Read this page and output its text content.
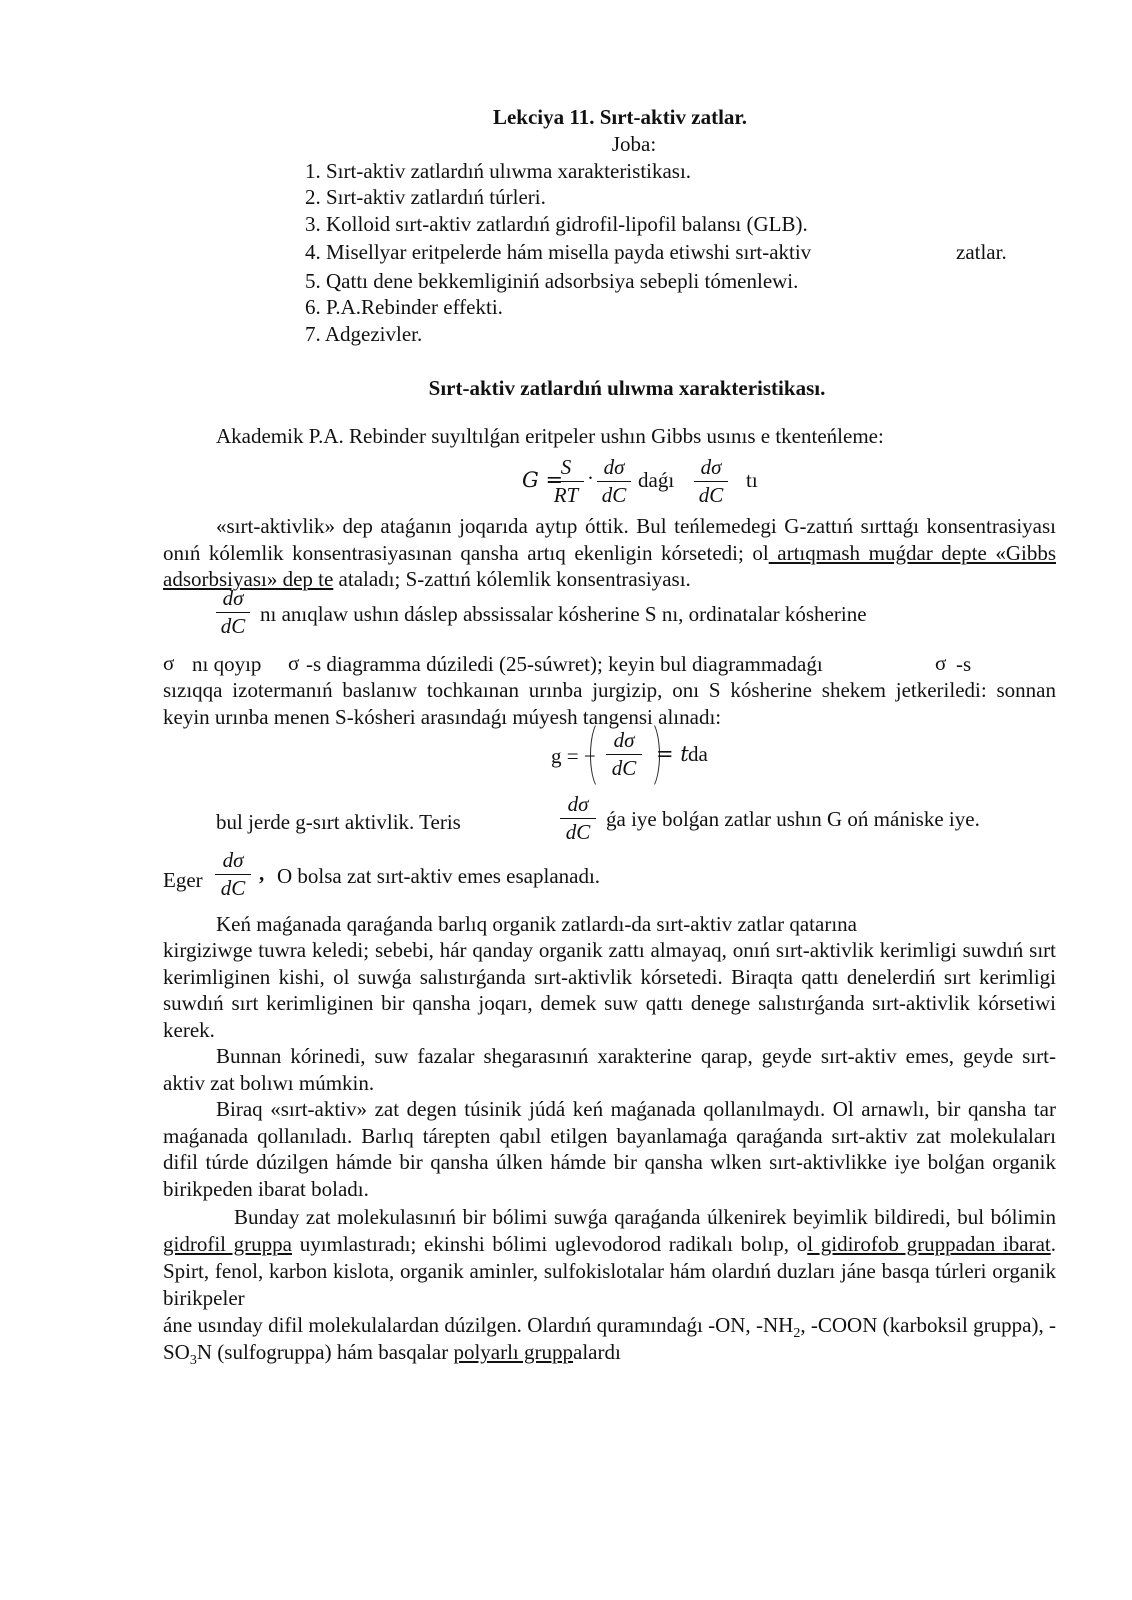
Lekciya 11. Sırt-aktiv zatlar.
Joba:
1. Sırt-aktiv zatlardıń ulıwma xarakteristikası.
2. Sırt-aktiv zatlardıń túrleri.
3. Kolloid sırt-aktiv zatlardıń gidrofil-lipofil balansı (GLB).
4. Misellyar eritpelerde hám misella payda etiwshi sırt-aktiv	zatlar.
5. Qattı dene bekkemliginiń adsorbsiya sebepli tómenlewi.
6. P.A.Rebinder effekti.
7. Adgezivler.
Sırt-aktiv zatlardıń ulıwma xarakteristikası.
Akademik P.A. Rebinder suyıltılǵan eritpeler ushın Gibbs usınıs e tkenteńleme:
G =
$\frac{S}{RT} \cdot \frac{d\sigma}{dC}$ daǵı $\frac{d\sigma}{dC}$ tı
«sırt-aktivlik» dep ataǵanın joqarıda aytıp óttik. Bul teńlemedegi G-zattıń sırttaǵı konsentrasiyası onıń kólemlik konsentrasiyasınan qansha artıq ekenligin kórsetedi; ol artıqmash muǵdar depte «Gibbs adsorbsiyası» dep te ataladı; S-zattıń kólemlik konsentrasiyası.
$\frac{d\sigma}{dC}$ nı anıqlaw ushın dáslep abssissalar kósherine S nı, ordinatalar kósherine
σ nı qoyıp σ -s diagramma dúziledi (25-súwret); keyin bul diagrammadaǵı	σ -s
sızıqqa izotermanıń baslanıw tochkaınan urınba jurgizip, onı S kósherine shekem jetkeriledi: sonnan keyin urınba menen S-kósheri arasındaǵı múyesh tangensi alınadı:
g = − $\frac{d\sigma}{dC} = t$ da
bul jerde g-sırt aktivlik. Teris	$\frac{d\sigma}{dC}$ ǵa iye bolǵan zatlar ushın G oń mániske iye.
Eger $\frac{d\sigma}{dC}$ , O bolsa zat sırt-aktiv emes esaplanadı.
Keń maǵanada qaraǵanda barlıq organik zatlardı-da sırt-aktiv zatlar qatarına
kirgiziwge tuwra keledi; sebebi, hár qanday organik zattı almayaq, onıń sırt-aktivlik kerimligi suwdıń sırt kerimliginen kishi, ol suwǵa salıstırǵanda sırt-aktivlik kórsetedi. Biraqta qattı denelerdiń sırt kerimligi suwdıń sırt kerimliginen bir qansha joqarı, demek suw qattı denege salıstırǵanda sırt-aktivlik kórsetiwi kerek.
Bunnan kórinedi, suw fazalar shegarasınıń xarakterine qarap, geyde sırt-aktiv emes, geyde sırt-aktiv zat bolıwı múmkin.
Biraq «sırt-aktiv» zat degen túsinik júdá keń maǵanada qollanılmaydı. Ol arnawlı, bir qansha tar maǵanada qollanıladı. Barlıq tárepten qabıl etilgen bayanlamaǵa qaraǵanda sırt-aktiv zat molekulaları difil túrde dúzilgen hámde bir qansha úlken hámde bir qansha wlken sırt-aktivlikke iye bolǵan organik birikpeden ibarat boladı.
Bunday zat molekulasınıń bir bólimi suwǵa qaraǵanda úlkenirek beyimlik bildiredi, bul bólimin gidrofil gruppa uyımlastıradı; ekinshi bólimi uglevodorod radikalı bolıp, ol gidirofob gruppadan ibarat. Spirt, fenol, karbon kislota, organik aminler, sulfokislotalar hám olardıń duzları jáne basqa túrleri organik birikpeler
áne usınday difil molekulalardan dúzilgen. Olardıń quramındaǵı -ON, $-NH_2$, -COON (karboksil gruppa), $-SO_3N$ (sulfogruppa) hám basqalar polyarlı gruppalardı
